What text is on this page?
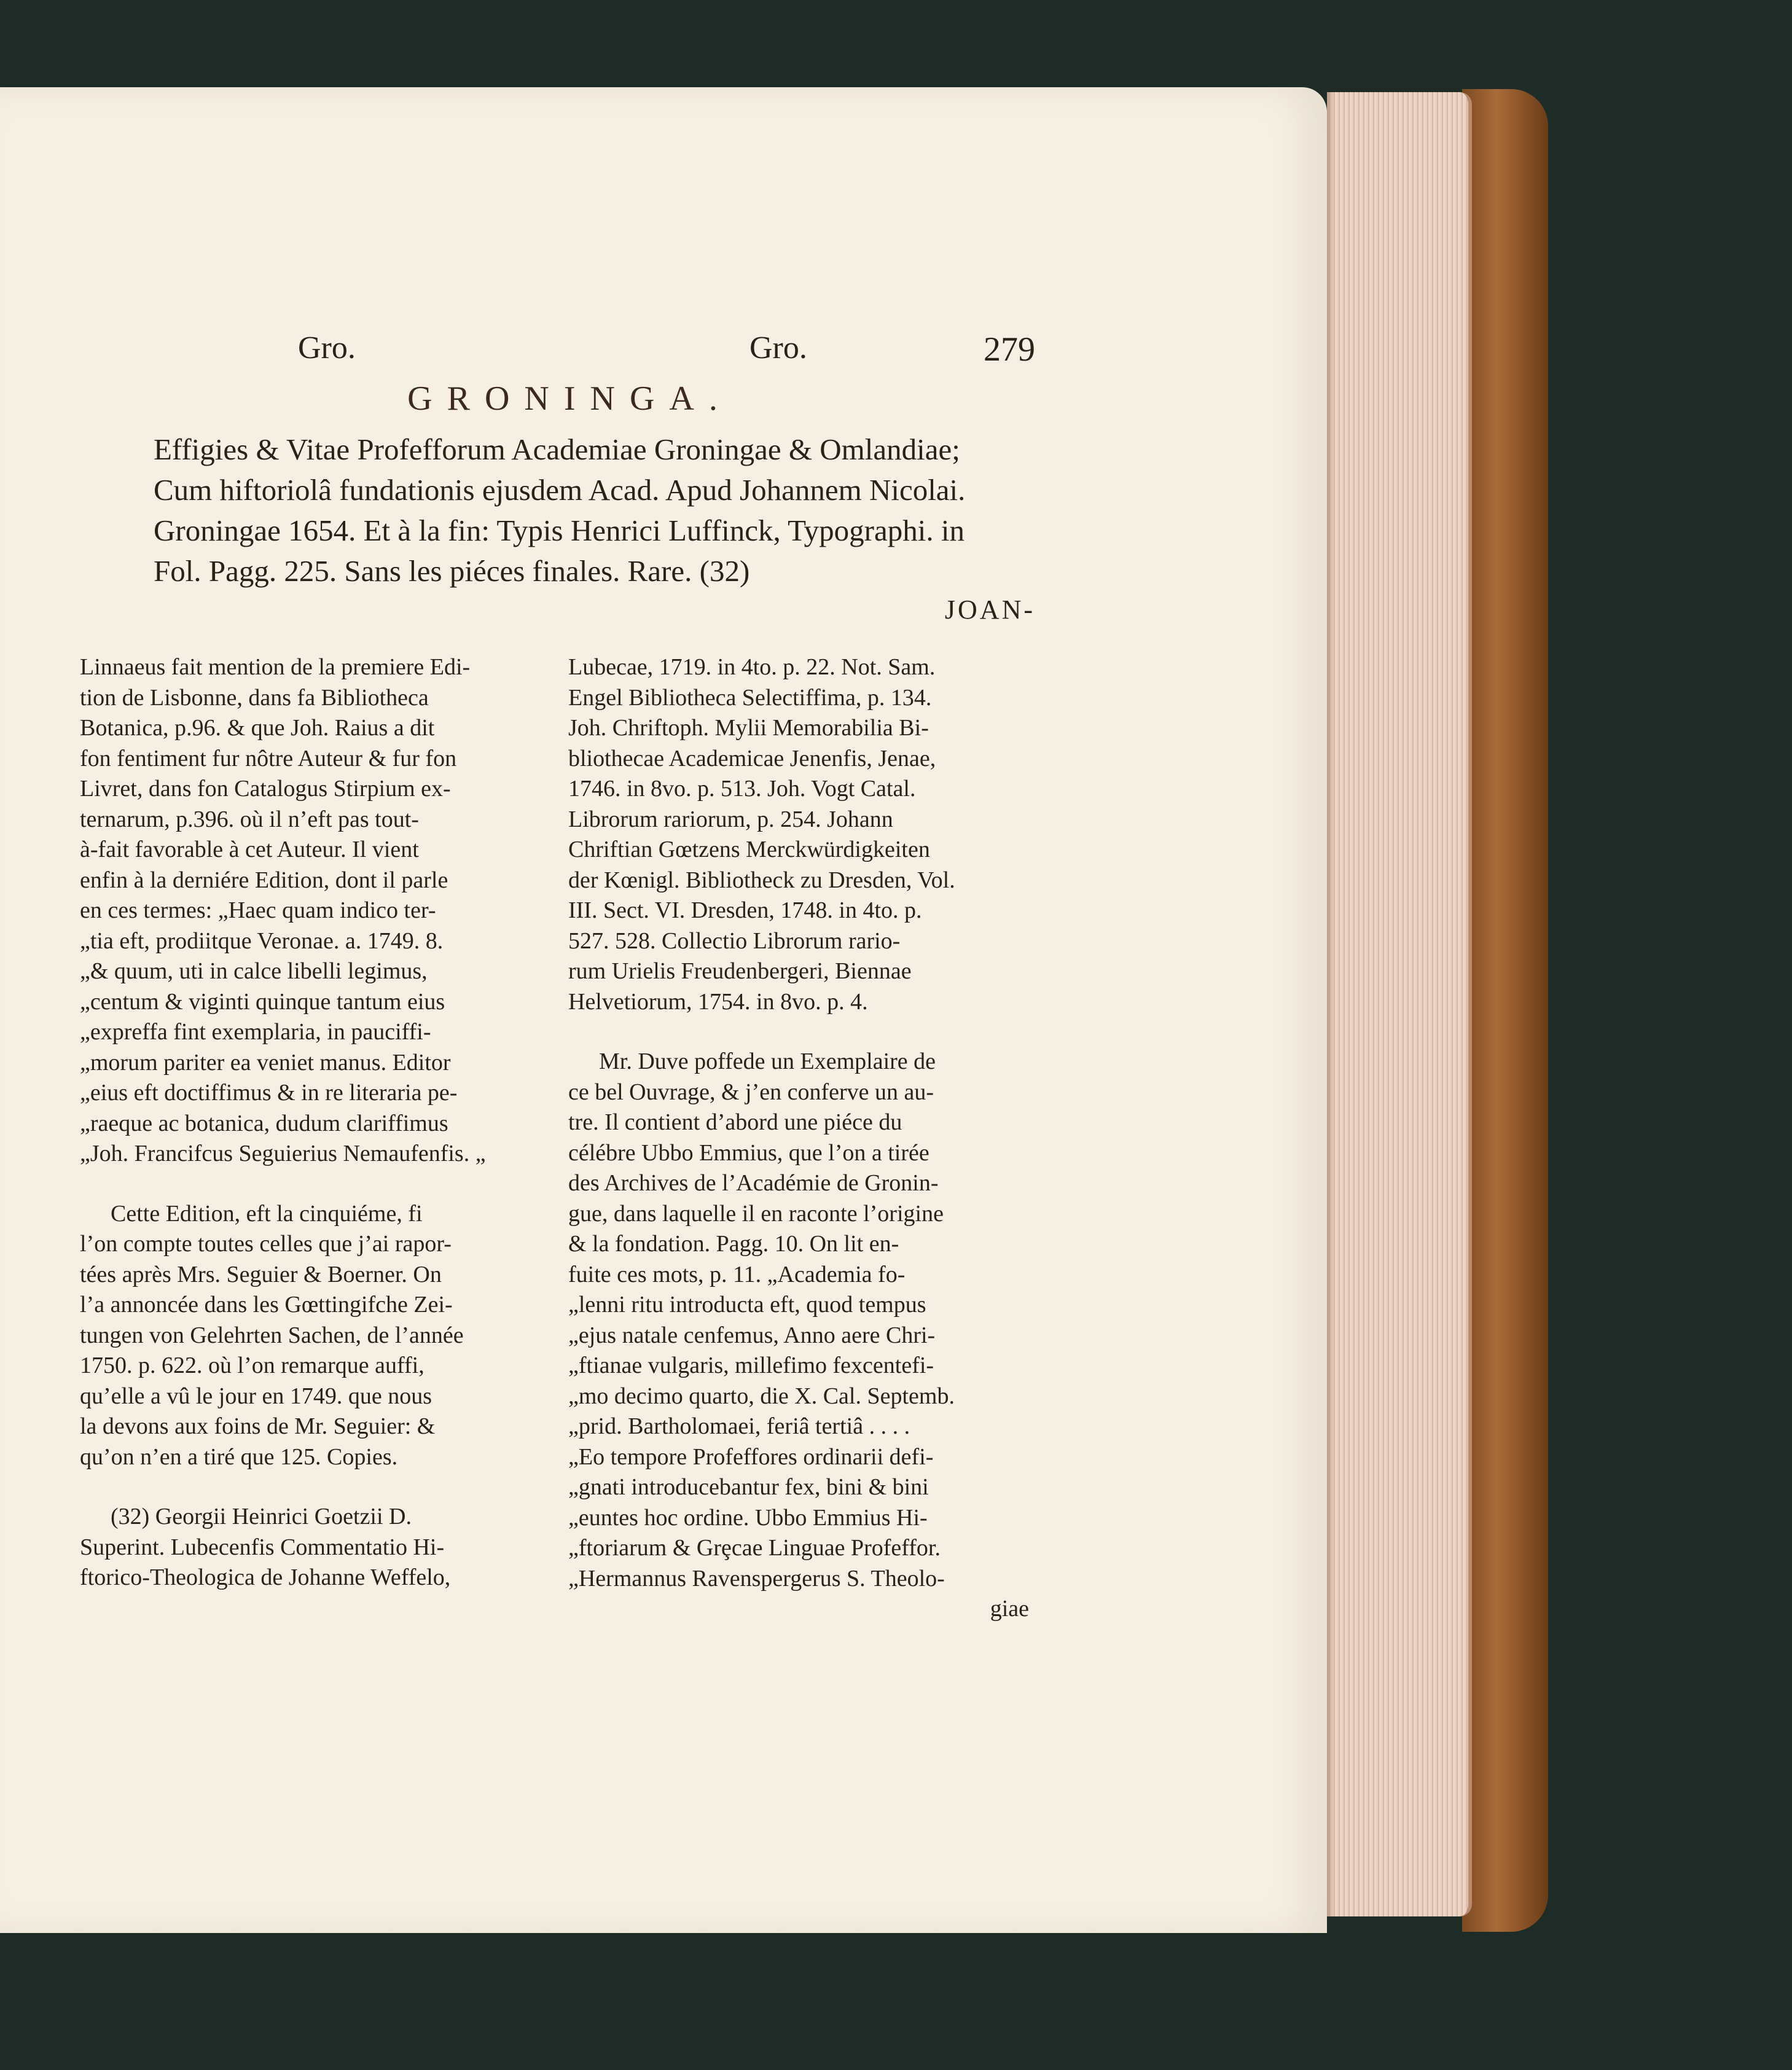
Gro.	Gro.	279
GRONINGA.

Effigies & Vitae Profefforum Academiae Groningae & Omlandiae;
Cum hiftoriolâ fundationis ejusdem Acad. Apud Johannem Nicolai.
Groningae 1654. Et à la fin: Typis Henrici Luffinck, Typographi. in
Fol. Pagg. 225. Sans les piéces finales. Rare. (32)

JOAN-

Linnaeus fait mention de la premiere Edi-
tion de Lisbonne, dans fa Bibliotheca
Botanica, p.96. & que Joh. Raius a dit
fon fentiment fur nôtre Auteur & fur fon
Livret, dans fon Catalogus Stirpium ex-
ternarum, p.396. où il n’eft pas tout-
à-fait favorable à cet Auteur. Il vient
enfin à la derniére Edition, dont il parle
en ces termes: „Haec quam indico ter-
„tia eft, prodiitque Veronae. a. 1749. 8.
„& quum, uti in calce libelli legimus,
„centum & viginti quinque tantum eius
„expreffa fint exemplaria, in pauciffi-
„morum pariter ea veniet manus. Editor
„eius eft doctiffimus & in re literaria pe-
„raeque ac botanica, dudum clariffimus
„Joh. Francifcus Seguierius Nemaufenfis. „

Cette Edition, eft la cinquiéme, fi
l’on compte toutes celles que j’ai rapor-
tées après Mrs. Seguier & Boerner. On
l’a annoncée dans les Gœttingifche Zei-
tungen von Gelehrten Sachen, de l’année
1750. p. 622. où l’on remarque auffi,
qu’elle a vû le jour en 1749. que nous
la devons aux foins de Mr. Seguier: &
qu’on n’en a tiré que 125. Copies.

(32) Georgii Heinrici Goetzii D.
Superint. Lubecenfis Commentatio Hi-
ftorico-Theologica de Johanne Weffelo,

Lubecae, 1719. in 4to. p. 22. Not. Sam.
Engel Bibliotheca Selectiffima, p. 134.
Joh. Chriftoph. Mylii Memorabilia Bi-
bliothecae Academicae Jenenfis, Jenae,
1746. in 8vo. p. 513. Joh. Vogt Catal.
Librorum rariorum, p. 254. Johann
Chriftian Gœtzens Merckwürdigkeiten
der Kœnigl. Bibliotheck zu Dresden, Vol.
III. Sect. VI. Dresden, 1748. in 4to. p.
527. 528. Collectio Librorum rario-
rum Urielis Freudenbergeri, Biennae
Helvetiorum, 1754. in 8vo. p. 4.

Mr. Duve poffede un Exemplaire de
ce bel Ouvrage, & j’en conferve un au-
tre. Il contient d’abord une piéce du
célébre Ubbo Emmius, que l’on a tirée
des Archives de l’Académie de Gronin-
gue, dans laquelle il en raconte l’origine
& la fondation. Pagg. 10. On lit en-
fuite ces mots, p. 11. „Academia fo-
„lenni ritu introducta eft, quod tempus
„ejus natale cenfemus, Anno aere Chri-
„ftianae vulgaris, millefimo fexcentefi-
„mo decimo quarto, die X. Cal. Septemb.
„prid. Bartholomaei, feriâ tertiâ . . . .
„Eo tempore Profeffores ordinarii defi-
„gnati introducebantur fex, bini & bini
„euntes hoc ordine. Ubbo Emmius Hi-
„ftoriarum & Grȩcae Linguae Profeffor.
„Hermannus Ravenspergerus S. Theolo-
giae
